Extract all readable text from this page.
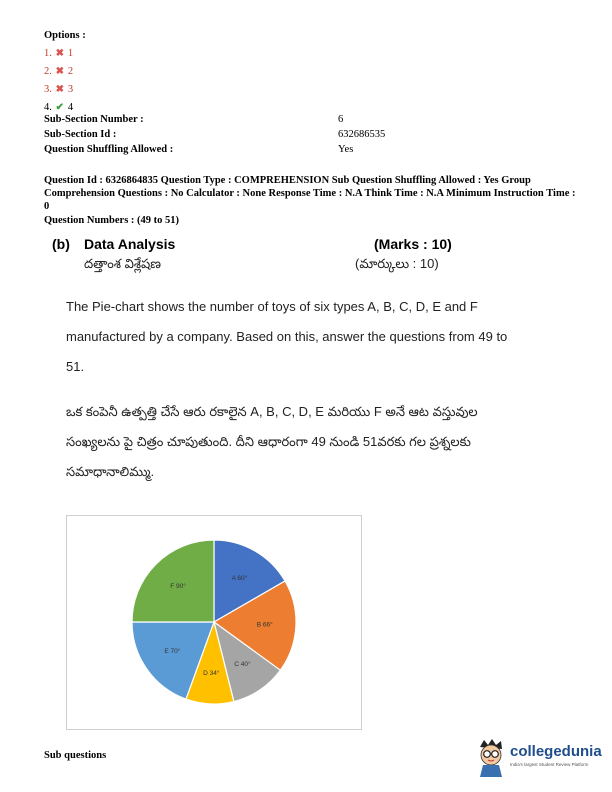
Options :
1. ✖ 1
2. ✖ 2
3. ✖ 3
4. ✔ 4
Sub-Section Number :	6
Sub-Section Id :	632686535
Question Shuffling Allowed :	Yes
Question Id : 6326864835 Question Type : COMPREHENSION Sub Question Shuffling Allowed : Yes Group Comprehension Questions : No Calculator : None Response Time : N.A Think Time : N.A Minimum Instruction Time : 0
Question Numbers : (49 to 51)
(b) Data Analysis	(Marks : 10)
దత్తాంశ విశ్లేషణ	(మార్కులు : 10)
The Pie-chart shows the number of toys of six types A, B, C, D, E and F manufactured by a company. Based on this, answer the questions from 49 to 51.
ఒక కంపెనీ ఉత్పత్తి చేసే ఆరు రకాలైన A, B, C, D, E మరియు F అనే ఆట వస్తువుల సంఖ్యలను పై చిత్రం చూపుతుంది. దీని ఆధారంగా 49 నుండి 51వరకు గల ప్రశ్నలకు సమాధానాలిమ్ము.
A 60°
B 66°
C 40°
D 34°
E 70°
F 90°
Sub questions	collegedunia
India's largest Student Review Platform
